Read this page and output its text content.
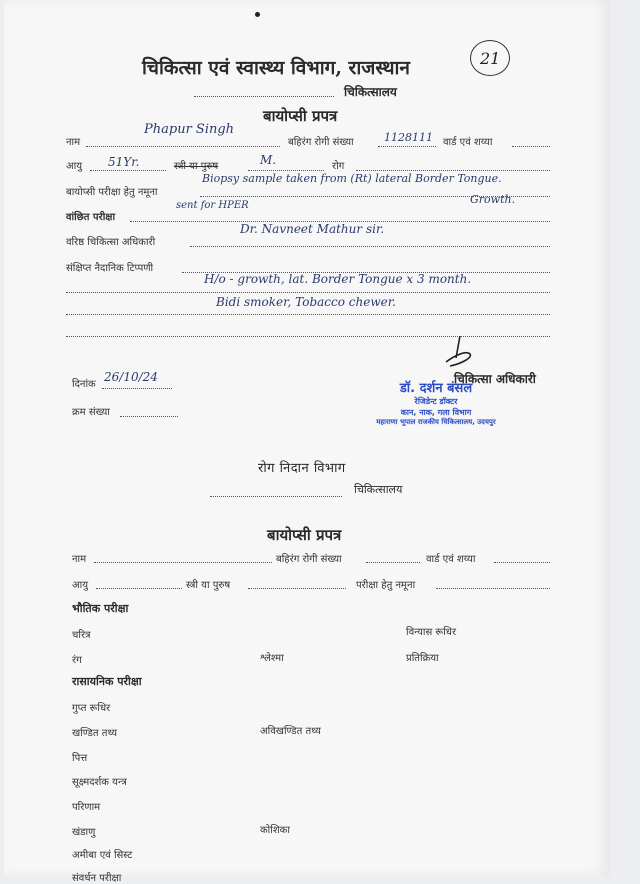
चिकित्सा एवं स्वास्थ्य विभाग, राजस्थान	21
चिकित्सालय
बायोप्सी प्रपत्र
नाम
Phapur Singh
बहिरंग रोगी संख्या	1128111 वार्ड एवं शय्या
आयु 51Yr.	स्त्री या पुरुष	M.	रोग
बायोप्सी परीक्षा हेतु नमूना
Biopsy sample taken from (Rt) lateral Border Tongue.
Growth.
वांछित परीक्षा
sent for HPER
वरिष्ठ चिकित्सा अधिकारी
Dr. Navneet Mathur sir.
संक्षिप्त नैदानिक टिप्पणी
H/o - growth, lat. Border Tongue x 3 month.
Bidi smoker, Tobacco chewer.
चिकित्सा अधिकारी
डॉ. दर्शन बंसल
रेजिडेन्ट डॉक्टर
कान, नाक, गला विभाग
महाराणा भूपाल राजकीय चिकित्सालय, उदयपुर
दिनांक
26/10/24
क्रम संख्या
रोग निदान विभाग
चिकित्सालय
बायोप्सी प्रपत्र
नाम	बहिरंग रोगी संख्या	वार्ड एवं शय्या
आयु	स्त्री या पुरुष	परीक्षा हेतु नमूना
भौतिक परीक्षा
चरित्र	विन्यास रूधिर
रंग	श्लेश्मा	प्रतिक्रिया
रासायनिक परीक्षा
गुप्त रूधिर
खण्डित तथ्य	अविखण्डित तथ्य
पित्त
सूक्ष्मदर्शक यन्त्र
परिणाम
खंडाणु	कोशिका
अमीबा एवं सिस्ट
संवर्धन परीक्षा
